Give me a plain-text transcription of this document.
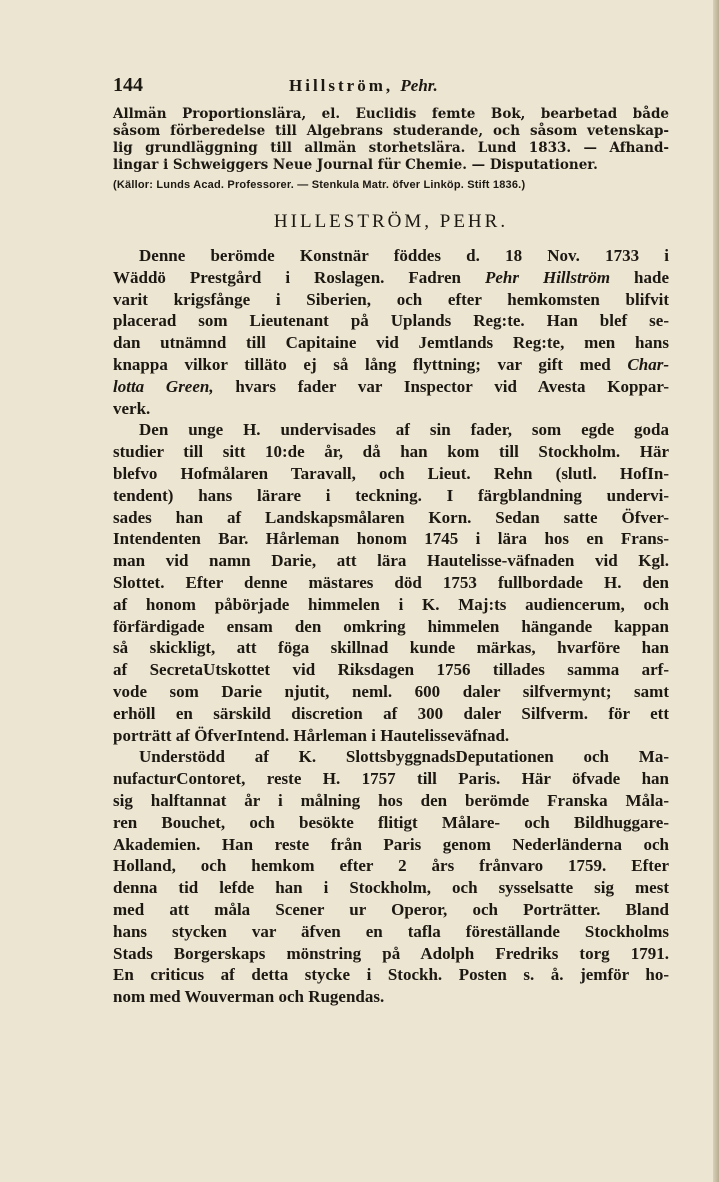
144	Hillström, Pehr.
Allmän Proportionslära, el. Euclidis femte Bok, bearbetad både
såsom förberedelse till Algebrans studerande, och såsom vetenskap-
lig grundläggning till allmän storhetslära. Lund 1833. — Afhand-
lingar i Schweiggers Neue Journal für Chemie. — Disputationer.
(Källor: Lunds Acad. Professorer. — Stenkula Matr. öfver Linköp. Stift 1836.)
HILLESTRÖM, PEHR.
Denne berömde Konstnär föddes d. 18 Nov. 1733 i
Wäddö Prestgård i Roslagen. Fadren Pehr Hillström hade
varit krigsfånge i Siberien, och efter hemkomsten blifvit
placerad som Lieutenant på Uplands Reg:te. Han blef se-
dan utnämnd till Capitaine vid Jemtlands Reg:te, men hans
knappa vilkor tilläto ej så lång flyttning; var gift med Char-
lotta Green, hvars fader var Inspector vid Avesta Koppar-
verk.
Den unge H. undervisades af sin fader, som egde goda
studier till sitt 10:de år, då han kom till Stockholm. Här
blefvo Hofmålaren Taravall, och Lieut. Rehn (slutl. HofIn-
tendent) hans lärare i teckning. I färgblandning undervi-
sades han af Landskapsmålaren Korn. Sedan satte Öfver-
Intendenten Bar. Hårleman honom 1745 i lära hos en Frans-
man vid namn Darie, att lära Hautelisse-väfnaden vid Kgl.
Slottet. Efter denne mästares död 1753 fullbordade H. den
af honom påbörjade himmelen i K. Maj:ts audiencerum, och
förfärdigade ensam den omkring himmelen hängande kappan
så skickligt, att föga skillnad kunde märkas, hvarföre han
af SecretaUtskottet vid Riksdagen 1756 tillades samma arf-
vode som Darie njutit, neml. 600 daler silfvermynt; samt
erhöll en särskild discretion af 300 daler Silfverm. för ett
porträtt af ÖfverIntend. Hårleman i Hautelisseväfnad.
Understödd af K. SlottsbyggnadsDeputationen och Ma-
nufacturContoret, reste H. 1757 till Paris. Här öfvade han
sig halftannat år i målning hos den berömde Franska Måla-
ren Bouchet, och besökte flitigt Målare- och Bildhuggare-
Akademien. Han reste från Paris genom Nederländerna och
Holland, och hemkom efter 2 års frånvaro 1759. Efter
denna tid lefde han i Stockholm, och sysselsatte sig mest
med att måla Scener ur Operor, och Porträtter. Bland
hans stycken var äfven en tafla föreställande Stockholms
Stads Borgerskaps mönstring på Adolph Fredriks torg 1791.
En criticus af detta stycke i Stockh. Posten s. å. jemför ho-
nom med Wouverman och Rugendas.
